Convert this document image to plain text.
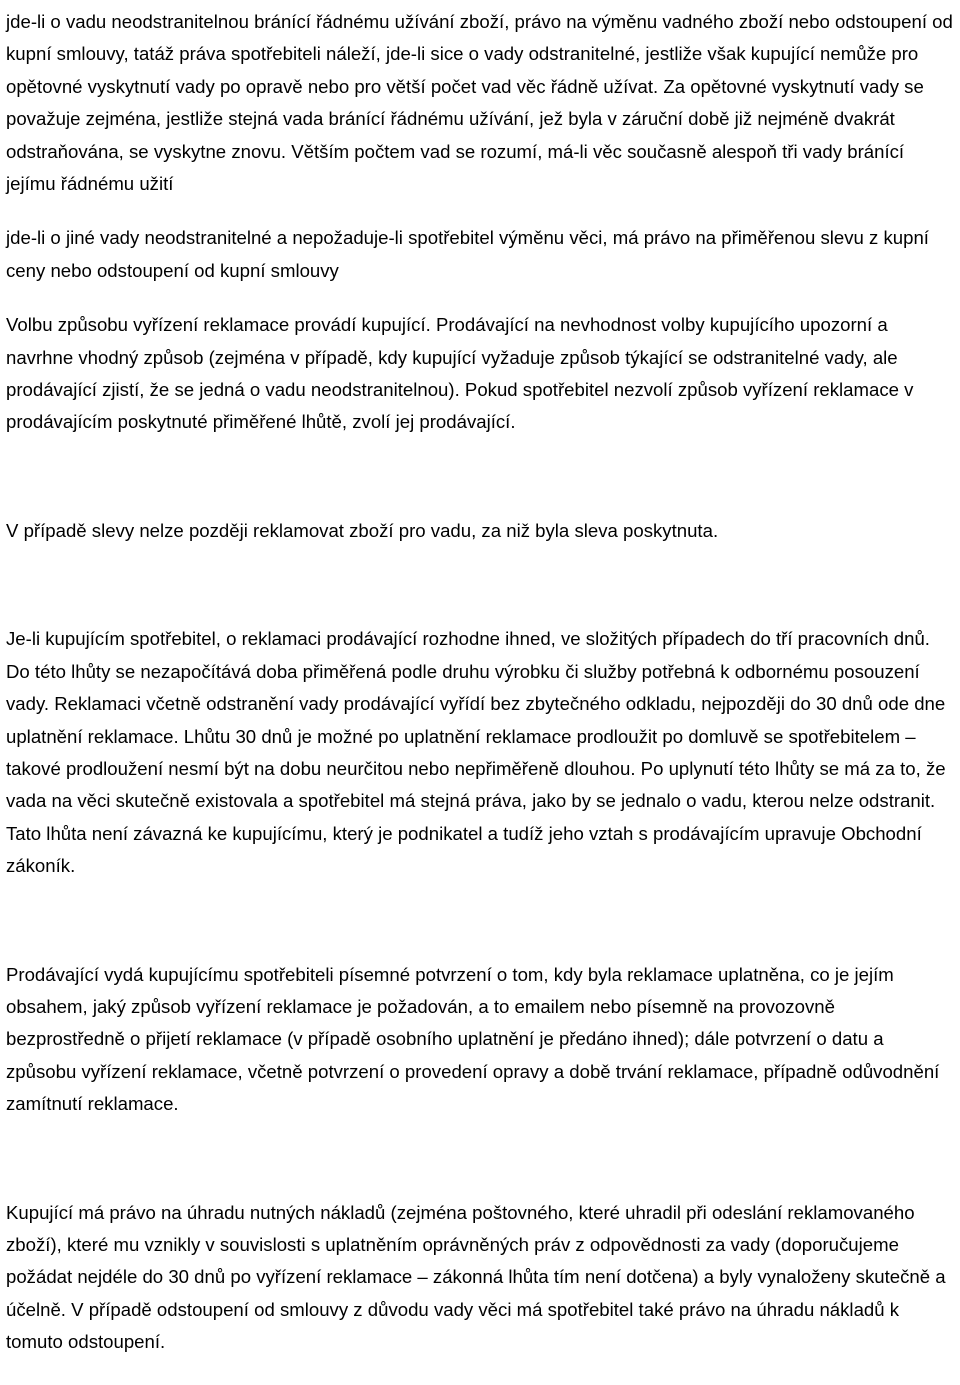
jde-li o vadu neodstranitelnou bránící řádnému užívání zboží, právo na výměnu vadného zboží nebo odstoupení od kupní smlouvy, tatáž práva spotřebiteli náleží, jde-li sice o vady odstranitelné, jestliže však kupující nemůže pro opětovné vyskytnutí vady po opravě nebo pro větší počet vad věc řádně užívat. Za opětovné vyskytnutí vady se považuje zejména, jestliže stejná vada bránící řádnému užívání, jež byla v záruční době již nejméně dvakrát odstraňována, se vyskytne znovu. Větším počtem vad se rozumí, má-li věc současně alespoň tři vady bránící jejímu řádnému užití

jde-li o jiné vady neodstranitelné a nepožaduje-li spotřebitel výměnu věci, má právo na přiměřenou slevu z kupní ceny nebo odstoupení od kupní smlouvy

Volbu způsobu vyřízení reklamace provádí kupující. Prodávající na nevhodnost volby kupujícího upozorní a navrhne vhodný způsob (zejména v případě, kdy kupující vyžaduje způsob týkající se odstranitelné vady, ale prodávající zjistí, že se jedná o vadu neodstranitelnou). Pokud spotřebitel nezvolí způsob vyřízení reklamace v prodávajícím poskytnuté přiměřené lhůtě, zvolí jej prodávající.

V případě slevy nelze později reklamovat zboží pro vadu, za niž byla sleva poskytnuta.

Je-li kupujícím spotřebitel, o reklamaci prodávající rozhodne ihned, ve složitých případech do tří pracovních dnů. Do této lhůty se nezapočítává doba přiměřená podle druhu výrobku či služby potřebná k odbornému posouzení vady. Reklamaci včetně odstranění vady prodávající vyřídí bez zbytečného odkladu, nejpozději do 30 dnů ode dne uplatnění reklamace. Lhůtu 30 dnů je možné po uplatnění reklamace prodloužit po domluvě se spotřebitelem – takové prodloužení nesmí být na dobu neurčitou nebo nepřiměřeně dlouhou. Po uplynutí této lhůty se má za to, že vada na věci skutečně existovala a spotřebitel má stejná práva, jako by se jednalo o vadu, kterou nelze odstranit. Tato lhůta není závazná ke kupujícímu, který je podnikatel a tudíž jeho vztah s prodávajícím upravuje Obchodní zákoník.

Prodávající vydá kupujícímu spotřebiteli písemné potvrzení o tom, kdy byla reklamace uplatněna, co je jejím obsahem, jaký způsob vyřízení reklamace je požadován, a to emailem nebo písemně na provozovně bezprostředně o přijetí reklamace (v případě osobního uplatnění je předáno ihned); dále potvrzení o datu a způsobu vyřízení reklamace, včetně potvrzení o provedení opravy a době trvání reklamace, případně odůvodnění zamítnutí reklamace.

Kupující má právo na úhradu nutných nákladů (zejména poštovného, které uhradil při odeslání reklamovaného zboží), které mu vznikly v souvislosti s uplatněním oprávněných práv z odpovědnosti za vady (doporučujeme požádat nejdéle do 30 dnů po vyřízení reklamace – zákonná lhůta tím není dotčena) a byly vynaloženy skutečně a účelně. V případě odstoupení od smlouvy z důvodu vady věci má spotřebitel také právo na úhradu nákladů k tomuto odstoupení.
